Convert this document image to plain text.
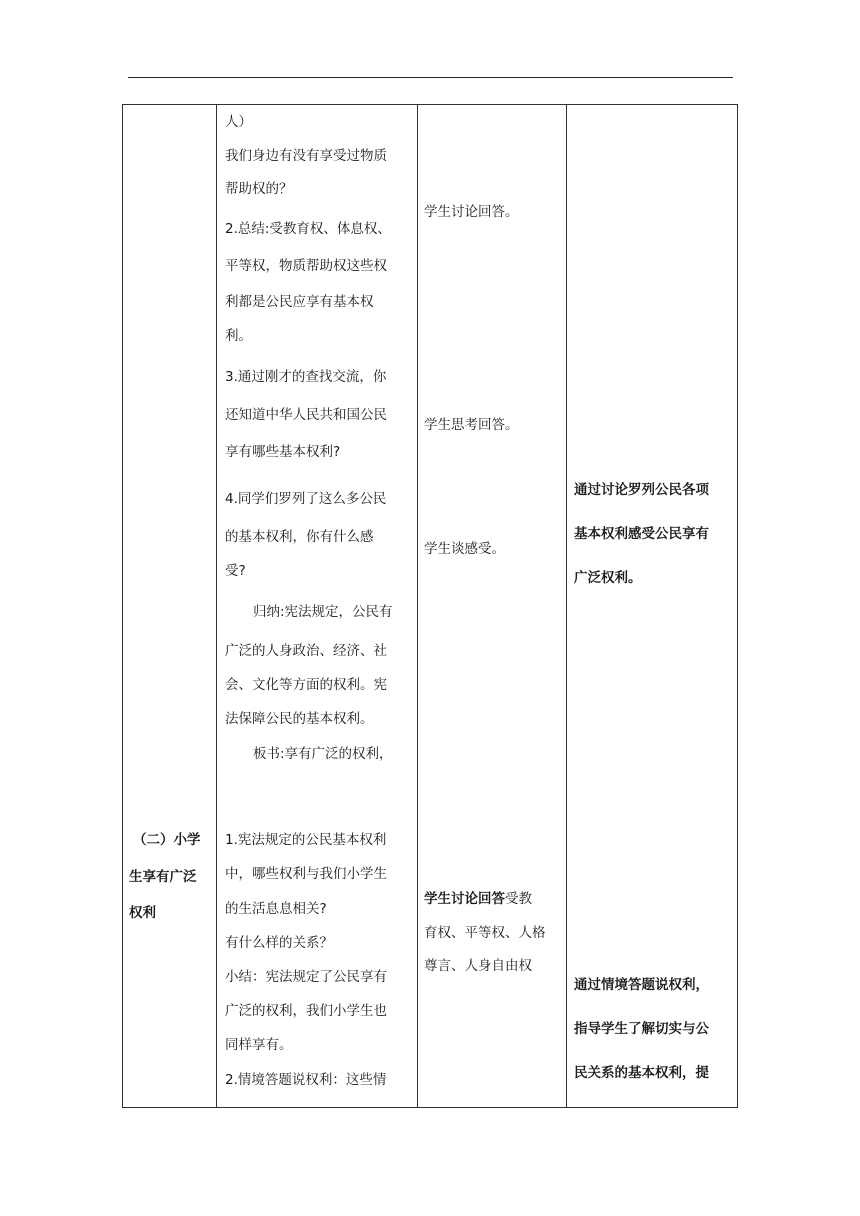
（二）小学
生享有广泛
权利
人）
我们身边有没有享受过物质
帮助权的？
2.总结:受教育权、体息权、
平等权，物质帮助权这些权
利都是公民应享有基本权
利。
3.通过刚才的查找交流，你
还知道中华人民共和国公民
享有哪些基本权利?
4.同学们罗列了这么多公民
的基本权利，你有什么感
受?
归纳:宪法规定，公民有
广泛的人身政治、经济、社
会、文化等方面的权利。宪
法保障公民的基本权利。
板书:享有广泛的权利，
1.宪法规定的公民基本权利
中，哪些权利与我们小学生
的生活息息相关?
有什么样的关系？
小结：宪法规定了公民享有
广泛的权利，我们小学生也
同样享有。
2.情境答题说权利：这些情
学生讨论回答。
学生思考回答。
学生谈感受。
学生讨论回答受教
育权、平等权、人格
尊言、人身自由权
通过讨论罗列公民各项
基本权利感受公民享有
广泛权利。
通过情境答题说权利，
指导学生了解切实与公
民关系的基本权利，提
